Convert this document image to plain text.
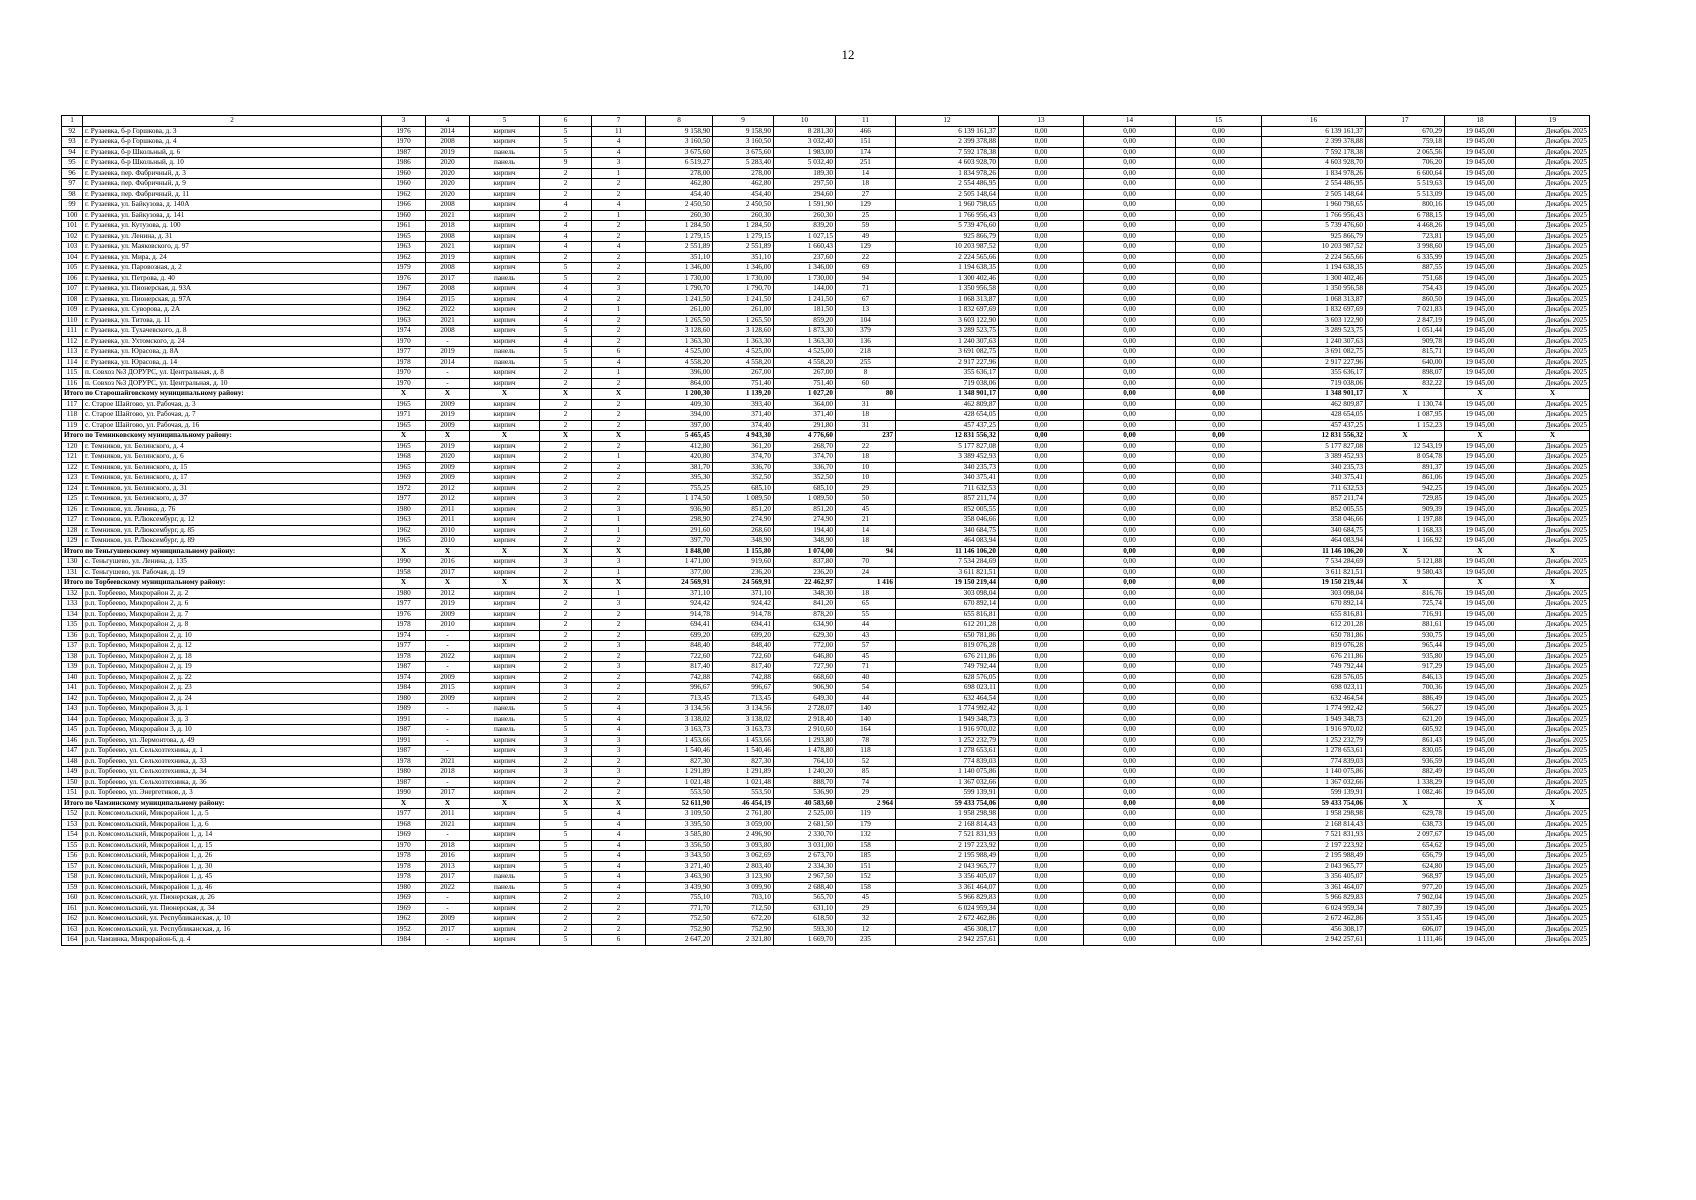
12
1	2	3	4	5	6	7	8	9	10	11	12	13	14	15	16	17	18	19
92	г. Рузаевка, б-р Горшкова, д. 3	1976	2014	кирпич	5	11	9 158,90	9 158,90	8 281,30	466	6 139 161,37	0,00	0,00	0,00	6 139 161,37	670,29	19 045,00	Декабрь 2025
93	г. Рузаевка, б-р Горшкова, д. 4	1970	2008	кирпич	5	4	3 160,50	3 160,50	3 032,40	151	2 399 378,88	0,00	0,00	0,00	2 399 378,88	759,18	19 045,00	Декабрь 2025
94	г. Рузаевка, б-р Школьный, д. 6	1987	2019	панель	5	4	3 675,60	3 675,60	1 983,00	174	7 592 178,38	0,00	0,00	0,00	7 592 178,38	2 065,56	19 045,00	Декабрь 2025
95	г. Рузаевка, б-р Школьный, д. 10	1986	2020	панель	9	3	6 519,27	5 283,40	5 032,40	251	4 603 928,70	0,00	0,00	0,00	4 603 928,70	706,20	19 045,00	Декабрь 2025
96	г. Рузаевка, пер. Фабричный, д. 3	1960	2020	кирпич	2	1	278,00	278,00	189,30	14	1 834 978,26	0,00	0,00	0,00	1 834 978,26	6 600,64	19 045,00	Декабрь 2025
97	г. Рузаевка, пер. Фабричный, д. 9	1960	2020	кирпич	2	2	462,80	462,80	297,50	18	2 554 486,95	0,00	0,00	0,00	2 554 486,95	5 519,63	19 045,00	Декабрь 2025
98	г. Рузаевка, пер. Фабричный, д. 11	1962	2020	кирпич	2	2	454,40	454,40	294,60	27	2 505 148,64	0,00	0,00	0,00	2 505 148,64	5 513,09	19 045,00	Декабрь 2025
99	г. Рузаевка, ул. Байкузова, д. 140А	1966	2008	кирпич	4	4	2 450,50	2 450,50	1 591,90	129	1 960 798,65	0,00	0,00	0,00	1 960 798,65	800,16	19 045,00	Декабрь 2025
100	г. Рузаевка, ул. Байкузова, д. 141	1960	2021	кирпич	2	1	260,30	260,30	260,30	25	1 766 956,43	0,00	0,00	0,00	1 766 956,43	6 788,15	19 045,00	Декабрь 2025
101	г. Рузаевка, ул. Кутузова, д. 100	1961	2018	кирпич	4	2	1 284,50	1 284,50	839,20	59	5 739 476,60	0,00	0,00	0,00	5 739 476,60	4 468,26	19 045,00	Декабрь 2025
102	г. Рузаевка, ул. Ленина, д. 31	1965	2008	кирпич	4	2	1 279,15	1 279,15	1 027,15	49	925 866,79	0,00	0,00	0,00	925 866,79	723,81	19 045,00	Декабрь 2025
103	г. Рузаевка, ул. Маяковского, д. 97	1963	2021	кирпич	4	4	2 551,89	2 551,89	1 660,43	129	10 203 987,52	0,00	0,00	0,00	10 203 987,52	3 998,60	19 045,00	Декабрь 2025
104	г. Рузаевка, ул. Мира, д. 24	1962	2019	кирпич	2	2	351,10	351,10	237,60	22	2 224 565,66	0,00	0,00	0,00	2 224 565,66	6 335,99	19 045,00	Декабрь 2025
105	г. Рузаевка, ул. Паровозная, д. 2	1979	2008	кирпич	5	2	1 346,00	1 346,00	1 346,00	69	1 194 638,35	0,00	0,00	0,00	1 194 638,35	887,55	19 045,00	Декабрь 2025
106	г. Рузаевка, ул. Петрова, д. 40	1976	2017	панель	5	2	1 730,00	1 730,00	1 730,00	94	1 300 402,46	0,00	0,00	0,00	1 300 402,46	751,68	19 045,00	Декабрь 2025
107	г. Рузаевка, ул. Пионерская, д. 93А	1967	2008	кирпич	4	3	1 790,70	1 790,70	144,00	71	1 350 956,58	0,00	0,00	0,00	1 350 956,58	754,43	19 045,00	Декабрь 2025
108	г. Рузаевка, ул. Пионерская, д. 97А	1964	2015	кирпич	4	2	1 241,50	1 241,50	1 241,50	67	1 068 313,87	0,00	0,00	0,00	1 068 313,87	860,50	19 045,00	Декабрь 2025
109	г. Рузаевка, ул. Суворова, д. 2А	1962	2022	кирпич	2	1	261,00	261,00	181,50	13	1 832 697,69	0,00	0,00	0,00	1 832 697,69	7 021,83	19 045,00	Декабрь 2025
110	г. Рузаевка, ул. Титова, д. 11	1963	2021	кирпич	4	2	1 265,50	1 265,50	859,20	104	3 603 122,90	0,00	0,00	0,00	3 603 122,90	2 847,19	19 045,00	Декабрь 2025
111	г. Рузаевка, ул. Тухачевского, д. 8	1974	2008	кирпич	5	2	3 128,60	3 128,60	1 873,30	379	3 289 523,75	0,00	0,00	0,00	3 289 523,75	1 051,44	19 045,00	Декабрь 2025
112	г. Рузаевка, ул. Ухтомского, д. 24	1970	-	кирпич	4	2	1 363,30	1 363,30	1 363,30	136	1 240 307,63	0,00	0,00	0,00	1 240 307,63	909,78	19 045,00	Декабрь 2025
113	г. Рузаевка, ул. Юрасова, д. 8А	1977	2019	панель	5	6	4 525,00	4 525,00	4 525,00	218	3 691 082,75	0,00	0,00	0,00	3 691 082,75	815,71	19 045,00	Декабрь 2025
114	г. Рузаевка, ул. Юрасова, д. 14	1978	2014	панель	5	4	4 558,20	4 558,20	4 558,20	255	2 917 227,96	0,00	0,00	0,00	2 917 227,96	640,00	19 045,00	Декабрь 2025
115	п. Совхоз №3 ДОРУРС, ул. Центральная, д. 8	1970	-	кирпич	2	1	396,00	267,00	267,00	8	355 636,17	0,00	0,00	0,00	355 636,17	898,07	19 045,00	Декабрь 2025
116	п. Совхоз №3 ДОРУРС, ул. Центральная, д. 10	1970	-	кирпич	2	2	864,00	751,40	751,40	60	719 038,06	0,00	0,00	0,00	719 038,06	832,22	19 045,00	Декабрь 2025
Итого по Старошайговскому муниципальному району:		X	X	X	X	X	1 200,30	1 139,20	1 027,20	80	1 348 901,17	0,00	0,00	0,00	1 348 901,17	X	X	X
117	с. Старое Шайгово, ул. Рабочая, д. 3	1965	2009	кирпич	2	2	409,30	393,40	364,00	31	462 809,87	0,00	0,00	0,00	462 809,87	1 130,74	19 045,00	Декабрь 2025
118	с. Старое Шайгово, ул. Рабочая, д. 7	1971	2019	кирпич	2	2	394,00	371,40	371,40	18	428 654,05	0,00	0,00	0,00	428 654,05	1 087,95	19 045,00	Декабрь 2025
119	с. Старое Шайгово, ул. Рабочая, д. 16	1965	2009	кирпич	2	2	397,00	374,40	291,80	31	457 437,25	0,00	0,00	0,00	457 437,25	1 152,23	19 045,00	Декабрь 2025
Итого по Темниковскому муниципальному району:		X	X	X	X	X	5 465,45	4 943,30	4 776,60	237	12 831 556,32	0,00	0,00	0,00	12 831 556,32	X	X	X
120	г. Темников, ул. Белинского, д. 4	1965	2019	кирпич	2	2	412,80	361,20	268,70	22	5 177 827,08	0,00	0,00	0,00	5 177 827,08	12 543,19	19 045,00	Декабрь 2025
121	г. Темников, ул. Белинского, д. 6	1968	2020	кирпич	2	1	420,80	374,70	374,70	18	3 389 452,93	0,00	0,00	0,00	3 389 452,93	8 054,78	19 045,00	Декабрь 2025
122	г. Темников, ул. Белинского, д. 15	1965	2009	кирпич	2	2	381,70	336,70	336,70	10	340 235,73	0,00	0,00	0,00	340 235,73	891,37	19 045,00	Декабрь 2025
123	г. Темников, ул. Белинского, д. 17	1969	2009	кирпич	2	2	395,30	352,50	352,50	10	340 375,41	0,00	0,00	0,00	340 375,41	861,06	19 045,00	Декабрь 2025
124	г. Темников, ул. Белинского, д. 31	1972	2012	кирпич	2	2	755,25	685,10	685,10	29	711 632,53	0,00	0,00	0,00	711 632,53	942,25	19 045,00	Декабрь 2025
125	г. Темников, ул. Белинского, д. 37	1977	2012	кирпич	3	2	1 174,50	1 089,50	1 089,50	50	857 211,74	0,00	0,00	0,00	857 211,74	729,85	19 045,00	Декабрь 2025
126	г. Темников, ул. Ленина, д. 76	1980	2011	кирпич	2	3	936,90	851,20	851,20	45	852 005,55	0,00	0,00	0,00	852 005,55	909,39	19 045,00	Декабрь 2025
127	г. Темников, ул. Р.Люксембург, д. 12	1963	2011	кирпич	2	1	298,90	274,90	274,90	21	358 046,66	0,00	0,00	0,00	358 046,66	1 197,88	19 045,00	Декабрь 2025
128	г. Темников, ул. Р.Люксембург, д. 85	1962	2010	кирпич	2	1	291,60	268,60	194,40	14	340 684,75	0,00	0,00	0,00	340 684,75	1 168,33	19 045,00	Декабрь 2025
129	г. Темников, ул. Р.Люксембург, д. 89	1965	2010	кирпич	2	2	397,70	348,90	348,90	18	464 083,94	0,00	0,00	0,00	464 083,94	1 166,92	19 045,00	Декабрь 2025
Итого по Теньгушевскому муниципальному району:		X	X	X	X	X	1 848,00	1 155,80	1 074,00	94	11 146 106,20	0,00	0,00	0,00	11 146 106,20	X	X	X
130	с. Теньгушево, ул. Ленина, д. 135	1990	2016	кирпич	3	3	1 471,00	919,60	837,80	70	7 534 284,69	0,00	0,00	0,00	7 534 284,69	5 121,88	19 045,00	Декабрь 2025
131	с. Теньгушево, ул. Рабочая, д. 19	1958	2017	кирпич	2	1	377,00	236,20	236,20	24	3 611 821,51	0,00	0,00	0,00	3 611 821,51	9 580,43	19 045,00	Декабрь 2025
Итого по Торбеевскому муниципальному району:		X	X	X	X	X	24 569,91	24 569,91	22 462,97	1 416	19 150 219,44	0,00	0,00	0,00	19 150 219,44	X	X	X
132	р.п. Торбеево, Микрорайон 2, д. 2	1980	2012	кирпич	2	1	371,10	371,10	348,30	18	303 098,04	0,00	0,00	0,00	303 098,04	816,76	19 045,00	Декабрь 2025
133	р.п. Торбеево, Микрорайон 2, д. 6	1977	2019	кирпич	2	3	924,42	924,42	841,20	65	670 892,14	0,00	0,00	0,00	670 892,14	725,74	19 045,00	Декабрь 2025
134	р.п. Торбеево, Микрорайон 2, д. 7	1976	2009	кирпич	2	2	914,78	914,78	878,20	55	655 816,81	0,00	0,00	0,00	655 816,81	716,91	19 045,00	Декабрь 2025
135	р.п. Торбеево, Микрорайон 2, д. 8	1978	2010	кирпич	2	2	694,41	694,41	634,90	44	612 201,28	0,00	0,00	0,00	612 201,28	881,61	19 045,00	Декабрь 2025
136	р.п. Торбеево, Микрорайон 2, д. 10	1974	-	кирпич	2	2	699,20	699,20	629,30	43	650 781,86	0,00	0,00	0,00	650 781,86	930,75	19 045,00	Декабрь 2025
137	р.п. Торбеево, Микрорайон 2, д. 12	1977	-	кирпич	2	3	848,40	848,40	772,00	57	819 076,28	0,00	0,00	0,00	819 076,28	965,44	19 045,00	Декабрь 2025
138	р.п. Торбеево, Микрорайон 2, д. 18	1978	2022	кирпич	2	2	722,60	722,60	646,80	45	676 211,86	0,00	0,00	0,00	676 211,86	935,80	19 045,00	Декабрь 2025
139	р.п. Торбеево, Микрорайон 2, д. 19	1987	-	кирпич	2	3	817,40	817,40	727,90	71	749 792,44	0,00	0,00	0,00	749 792,44	917,29	19 045,00	Декабрь 2025
140	р.п. Торбеево, Микрорайон 2, д. 22	1974	2009	кирпич	2	2	742,88	742,88	668,60	40	628 576,05	0,00	0,00	0,00	628 576,05	846,13	19 045,00	Декабрь 2025
141	р.п. Торбеево, Микрорайон 2, д. 23	1984	2015	кирпич	3	2	996,67	996,67	906,90	54	698 023,11	0,00	0,00	0,00	698 023,11	700,36	19 045,00	Декабрь 2025
142	р.п. Торбеево, Микрорайон 2, д. 24	1980	2009	кирпич	2	2	713,45	713,45	649,30	44	632 464,54	0,00	0,00	0,00	632 464,54	886,49	19 045,00	Декабрь 2025
143	р.п. Торбеево, Микрорайон 3, д. 1	1989	-	панель	5	4	3 134,56	3 134,56	2 728,07	140	1 774 992,42	0,00	0,00	0,00	1 774 992,42	566,27	19 045,00	Декабрь 2025
144	р.п. Торбеево, Микрорайон 3, д. 3	1991	-	панель	5	4	3 138,02	3 138,02	2 918,40	140	1 949 348,73	0,00	0,00	0,00	1 949 348,73	621,20	19 045,00	Декабрь 2025
145	р.п. Торбеево, Микрорайон 3, д. 10	1987	-	панель	5	4	3 163,73	3 163,73	2 910,60	164	1 916 970,02	0,00	0,00	0,00	1 916 970,02	605,92	19 045,00	Декабрь 2025
146	р.п. Торбеево, ул. Лермонтова, д. 49	1991	-	кирпич	3	3	1 453,66	1 453,66	1 293,80	78	1 252 232,79	0,00	0,00	0,00	1 252 232,79	861,43	19 045,00	Декабрь 2025
147	р.п. Торбеево, ул. Сельхозтехника, д. 1	1987	-	кирпич	3	3	1 540,46	1 540,46	1 478,80	118	1 278 653,61	0,00	0,00	0,00	1 278 653,61	830,05	19 045,00	Декабрь 2025
148	р.п. Торбеево, ул. Сельхозтехника, д. 33	1978	2021	кирпич	2	2	827,30	827,30	764,10	52	774 839,03	0,00	0,00	0,00	774 839,03	936,59	19 045,00	Декабрь 2025
149	р.п. Торбеево, ул. Сельхозтехника, д. 34	1980	2018	кирпич	3	3	1 291,89	1 291,89	1 240,20	85	1 140 075,86	0,00	0,00	0,00	1 140 075,86	882,49	19 045,00	Декабрь 2025
150	р.п. Торбеево, ул. Сельхозтехника, д. 36	1987	-	кирпич	2	2	1 021,48	1 021,48	888,70	74	1 367 032,66	0,00	0,00	0,00	1 367 032,66	1 338,29	19 045,00	Декабрь 2025
151	р.п. Торбеево, ул. Энергетиков, д. 3	1990	2017	кирпич	2	2	553,50	553,50	536,90	29	599 139,91	0,00	0,00	0,00	599 139,91	1 082,46	19 045,00	Декабрь 2025
Итого по Чамзинскому муниципальному району:		X	X	X	X	X	52 611,90	46 454,19	40 583,60	2 964	59 433 754,06	0,00	0,00	0,00	59 433 754,06	X	X	X
152	р.п. Комсомольский, Микрорайон 1, д. 5	1977	2011	кирпич	5	4	3 109,50	2 761,80	2 525,00	119	1 958 298,98	0,00	0,00	0,00	1 958 298,98	629,78	19 045,00	Декабрь 2025
153	р.п. Комсомольский, Микрорайон 1, д. 6	1968	2021	кирпич	5	4	3 395,50	3 059,00	2 681,50	179	2 168 814,43	0,00	0,00	0,00	2 168 814,43	638,73	19 045,00	Декабрь 2025
154	р.п. Комсомольский, Микрорайон 1, д. 14	1969	-	кирпич	5	4	3 585,80	2 496,90	2 330,70	132	7 521 831,93	0,00	0,00	0,00	7 521 831,93	2 097,67	19 045,00	Декабрь 2025
155	р.п. Комсомольский, Микрорайон 1, д. 15	1970	2018	кирпич	5	4	3 356,50	3 093,80	3 031,00	158	2 197 223,92	0,00	0,00	0,00	2 197 223,92	654,62	19 045,00	Декабрь 2025
156	р.п. Комсомольский, Микрорайон 1, д. 26	1978	2016	кирпич	5	4	3 343,50	3 062,69	2 673,70	185	2 195 988,49	0,00	0,00	0,00	2 195 988,49	656,79	19 045,00	Декабрь 2025
157	р.п. Комсомольский, Микрорайон 1, д. 30	1978	2013	кирпич	5	4	3 271,40	2 803,40	2 334,30	151	2 043 965,77	0,00	0,00	0,00	2 043 965,77	624,80	19 045,00	Декабрь 2025
158	р.п. Комсомольский, Микрорайон 1, д. 45	1978	2017	панель	5	4	3 463,90	3 123,90	2 967,50	152	3 356 405,07	0,00	0,00	0,00	3 356 405,07	968,97	19 045,00	Декабрь 2025
159	р.п. Комсомольский, Микрорайон 1, д. 46	1980	2022	панель	5	4	3 439,90	3 099,90	2 688,40	158	3 361 464,07	0,00	0,00	0,00	3 361 464,07	977,20	19 045,00	Декабрь 2025
160	р.п. Комсомольский, ул. Пионерская, д. 26	1969	-	кирпич	2	2	755,10	703,10	565,70	45	5 966 829,83	0,00	0,00	0,00	5 966 829,83	7 902,04	19 045,00	Декабрь 2025
161	р.п. Комсомольский, ул. Пионерская, д. 34	1969	-	кирпич	2	2	771,70	712,50	631,10	29	6 024 959,34	0,00	0,00	0,00	6 024 959,34	7 807,39	19 045,00	Декабрь 2025
162	р.п. Комсомольский, ул. Республиканская, д. 10	1962	2009	кирпич	2	2	752,50	672,20	618,50	32	2 672 462,86	0,00	0,00	0,00	2 672 462,86	3 551,45	19 045,00	Декабрь 2025
163	р.п. Комсомольский, ул. Республиканская, д. 16	1952	2017	кирпич	2	2	752,90	752,90	593,30	12	456 308,17	0,00	0,00	0,00	456 308,17	606,07	19 045,00	Декабрь 2025
164	р.п. Чамзинка, Микрорайон-6, д. 4	1984	-	кирпич	5	6	2 647,20	2 321,80	1 669,70	235	2 942 257,61	0,00	0,00	0,00	2 942 257,61	1 111,46	19 045,00	Декабрь 2025
